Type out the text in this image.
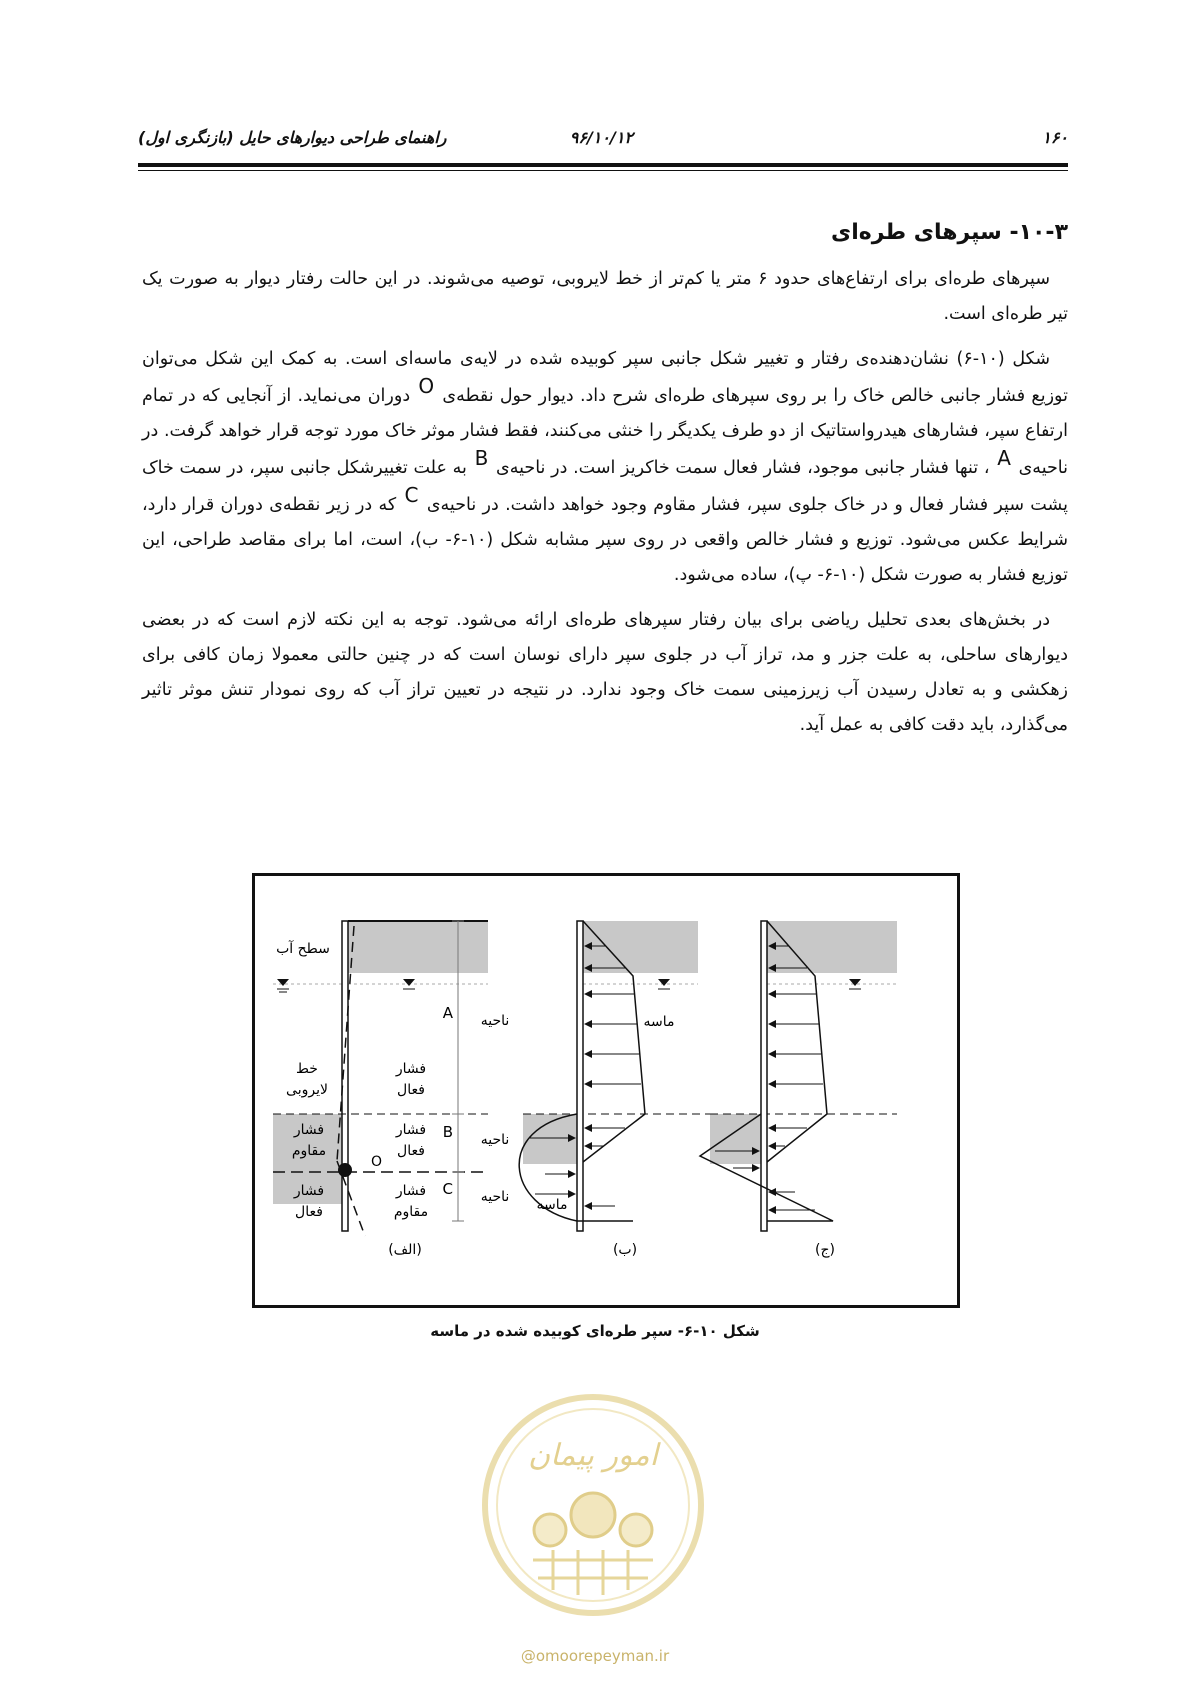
۱۶۰
۹۶/۱۰/۱۲
راهنمای طراحی دیوارهای حایل (بازنگری اول)
۱۰-۳- سپرهای طره‌ای

سپرهای طره‌ای برای ارتفاع‌های حدود ۶ متر یا کم‌تر از خط لایروبی، توصیه می‌شوند. در این حالت رفتار دیوار به صورت یک تیر طره‌ای است.

شکل (۱۰-۶) نشان‌دهنده‌ی رفتار و تغییر شکل جانبی سپر کوبیده شده در لایه‌ی ماسه‌ای است. به کمک این شکل می‌توان توزیع فشار جانبی خالص خاک را بر روی سپرهای طره‌ای شرح داد. دیوار حول نقطه‌ی O دوران می‌نماید. از آنجایی که در تمام ارتفاع سپر، فشارهای هیدرواستاتیک از دو طرف یکدیگر را خنثی می‌کنند، فقط فشار موثر خاک مورد توجه قرار خواهد گرفت. در ناحیه‌ی A ، تنها فشار جانبی موجود، فشار فعال سمت خاکریز است. در ناحیه‌ی B به علت تغییرشکل جانبی سپر، در سمت خاک پشت سپر فشار فعال و در خاک جلوی سپر، فشار مقاوم وجود خواهد داشت. در ناحیه‌ی C که در زیر نقطه‌ی دوران قرار دارد، شرایط عکس می‌شود. توزیع و فشار خالص واقعی در روی سپر مشابه شکل (۱۰-۶- ب)، است، اما برای مقاصد طراحی، این توزیع فشار به صورت شکل (۱۰-۶- پ)، ساده می‌شود.

در بخش‌های بعدی تحلیل ریاضی برای بیان رفتار سپرهای طره‌ای ارائه می‌شود. توجه به این نکته لازم است که در بعضی دیوارهای ساحلی، به علت جزر و مد، تراز آب در جلوی سپر دارای نوسان است که در چنین حالتی معمولا زمان کافی برای زهکشی و به تعادل رسیدن آب زیرزمینی سمت خاک وجود ندارد. در نتیجه در تعیین تراز آب که روی نمودار تنش موثر تاثیر می‌گذارد، باید دقت کافی به عمل آید.

سطح آب
خط
لایروبی
فشار
مقاوم
فشار
فعال
O
فشار
فعال
فشار
فعال
فشار
مقاوم
A ناحیه
B ناحیه
C ناحیه
(الف)
ماسه
ماسه
(ب)	(ج)
شکل ۱۰-۶- سپر طره‌ای کوبیده شده در ماسه
امور پیمان
@omoorepeyman.ir
